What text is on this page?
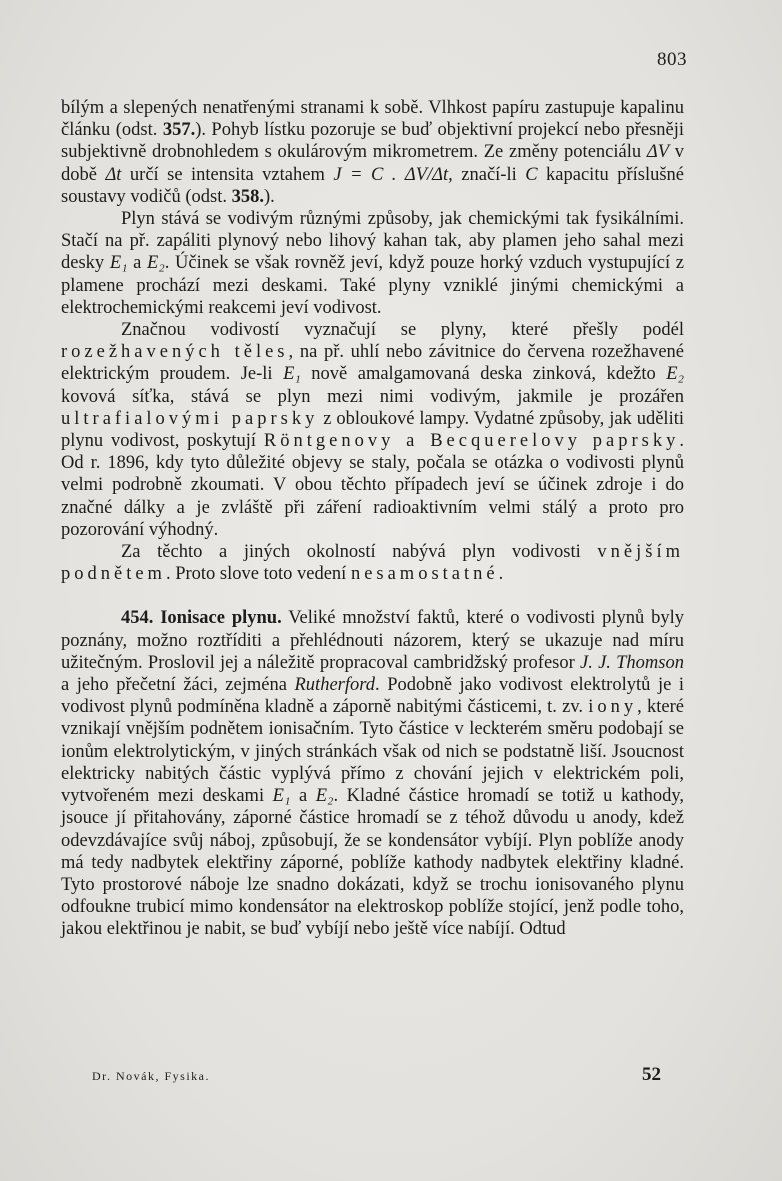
803

bílým a slepených nenatřenými stranami k sobě. Vlhkost papíru zastupuje kapalinu článku (odst. 357.). Pohyb lístku pozoruje se buď objektivní projekcí nebo přesněji subjektivně drobnohledem s okulárovým mikrometrem. Ze změny potenciálu ΔV v době Δt určí se intensita vztahem J = C . ΔV/Δt, značí-li C kapacitu příslušné soustavy vodičů (odst. 358.).

Plyn stává se vodivým různými způsoby, jak chemickými tak fysikálními. Stačí na př. zapáliti plynový nebo lihový kahan tak, aby plamen jeho sahal mezi desky E₁ a E₂. Účinek se však rovněž jeví, když pouze horký vzduch vystupující z plamene prochází mezi deskami. Také plyny vzniklé jinými chemickými a elektrochemickými reakcemi jeví vodivost.

Značnou vodivostí vyznačují se plyny, které přešly podél rozežhavených těles, na př. uhlí nebo závitnice do červena rozežhavené elektrickým proudem. Je-li E₁ nově amalgamovaná deska zinková, kdežto E₂ kovová síťka, stává se plyn mezi nimi vodivým, jakmile je prozářen ultrafialovými paprsky z obloukové lampy. Vydatné způsoby, jak uděliti plynu vodivost, poskytují Röntgenovy a Becquerelovy paprsky. Od r. 1896, kdy tyto důležité objevy se staly, počala se otázka o vodivosti plynů velmi podrobně zkoumati. V obou těchto případech jeví se účinek zdroje i do značné dálky a je zvláště při záření radioaktivním velmi stálý a proto pro pozorování výhodný.

Za těchto a jiných okolností nabývá plyn vodivosti vnějším podnětem. Proto slove toto vedení nesamostatné.

454. Ionisace plynu. Veliké množství faktů, které o vodivosti plynů byly poznány, možno roztříditi a přehlédnouti názorem, který se ukazuje nad míru užitečným. Proslovil jej a náležitě propracoval cambridžský profesor J. J. Thomson a jeho přečetní žáci, zejména Rutherford. Podobně jako vodivost elektrolytů je i vodivost plynů podmíněna kladně a záporně nabitými částicemi, t. zv. iony, které vznikají vnějším podnětem ionisačním. Tyto částice v leckterém směru podobají se ionům elektrolytickým, v jiných stránkách však od nich se podstatně liší. Jsoucnost elektricky nabitých částic vyplývá přímo z chování jejich v elektrickém poli, vytvořeném mezi deskami E₁ a E₂. Kladné částice hromadí se totiž u kathody, jsouce jí přitahovány, záporné částice hromadí se z téhož důvodu u anody, kdež odevzdávajíce svůj náboj, způsobují, že se kondensátor vybíjí. Plyn poblíže anody má tedy nadbytek elektřiny záporné, poblíže kathody nadbytek elektřiny kladné. Tyto prostorové náboje lze snadno dokázati, když se trochu ionisovaného plynu odfoukne trubicí mimo kondensátor na elektroskop poblíže stojící, jenž podle toho, jakou elektřinou je nabit, se buď vybíjí nebo ještě více nabíjí. Odtud

Dr. Novák, Fysika.	52
